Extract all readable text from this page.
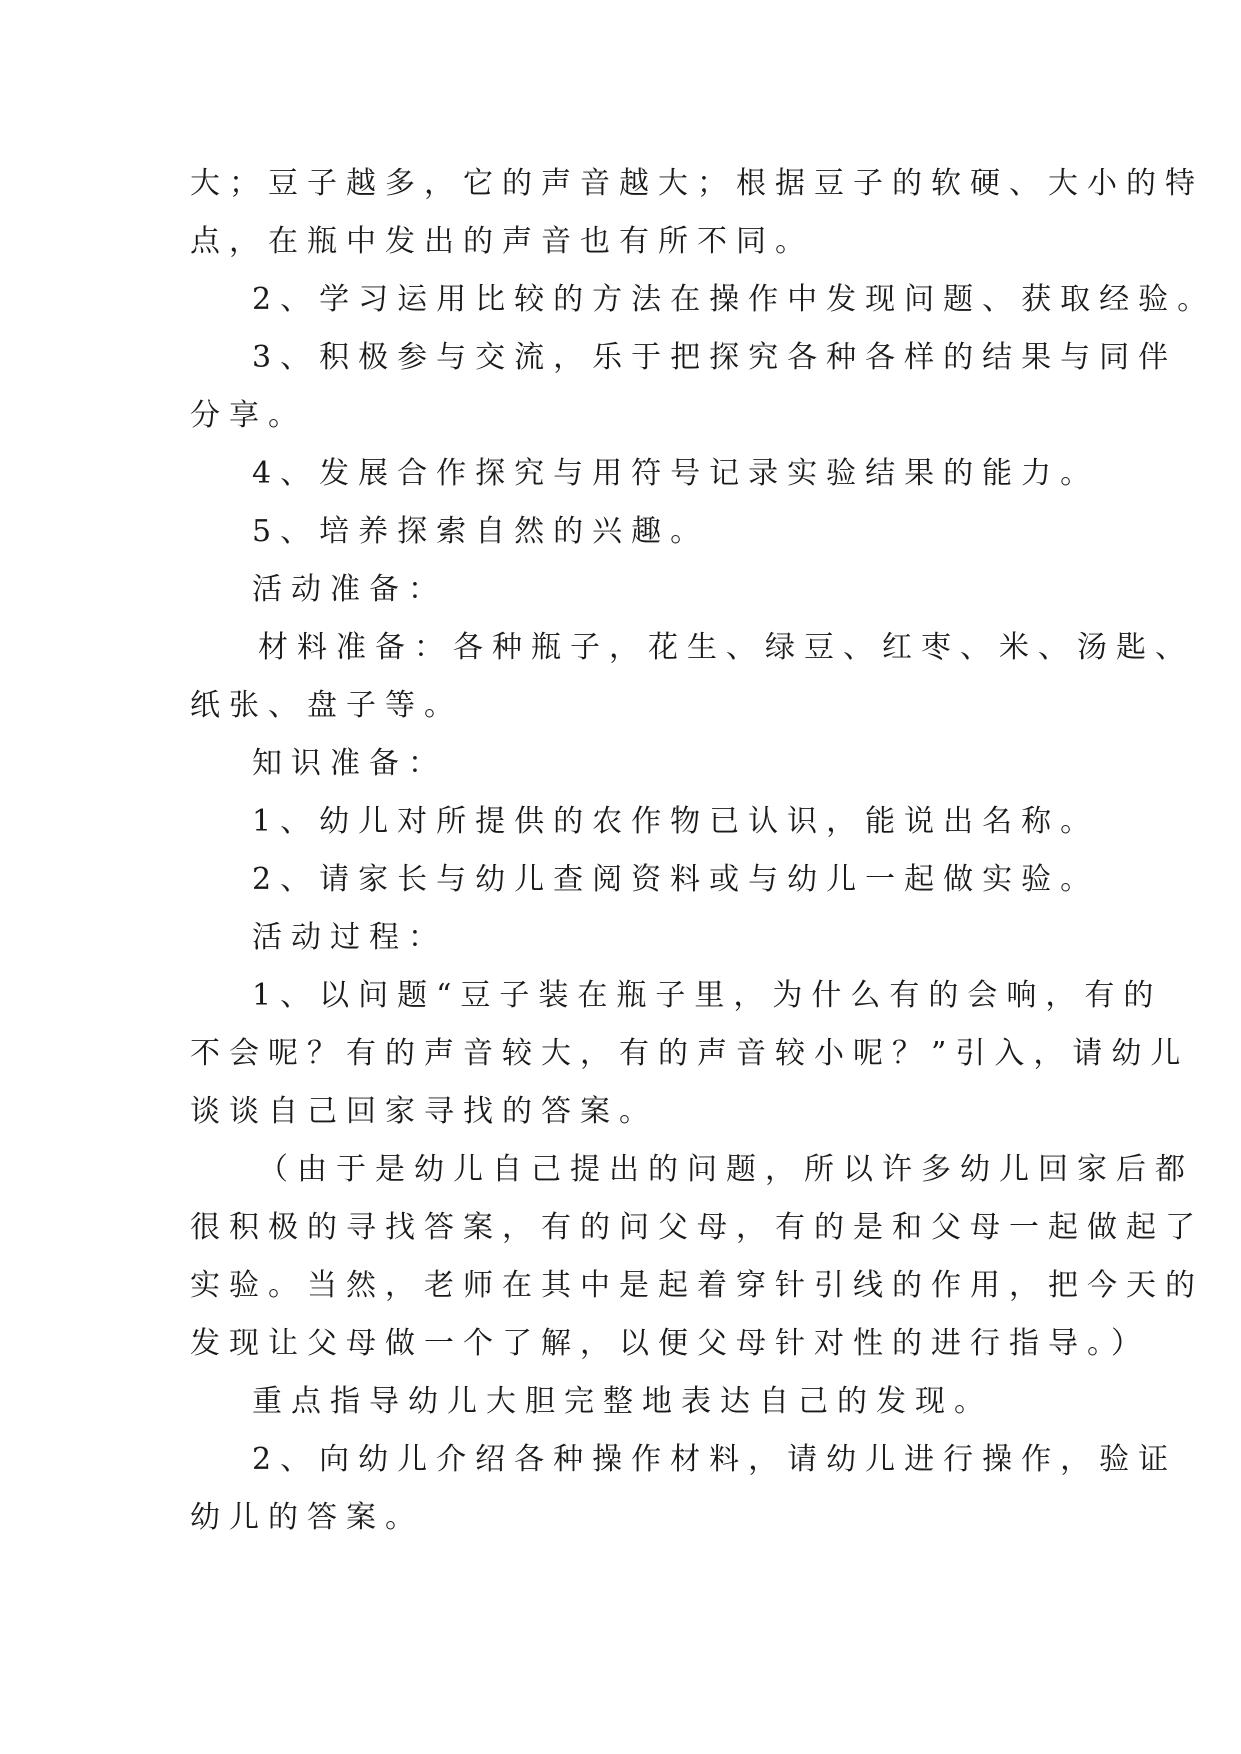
大；豆子越多，它的声音越大；根据豆子的软硬、大小的特

点，在瓶中发出的声音也有所不同。

2、学习运用比较的方法在操作中发现问题、获取经验。

3、积极参与交流，乐于把探究各种各样的结果与同伴

分享。

4、发展合作探究与用符号记录实验结果的能力。

5、培养探索自然的兴趣。

活动准备：

材料准备：各种瓶子，花生、绿豆、红枣、米、汤匙、

纸张、盘子等。

知识准备：

1、幼儿对所提供的农作物已认识，能说出名称。

2、请家长与幼儿查阅资料或与幼儿一起做实验。

活动过程：

1、以问题“豆子装在瓶子里，为什么有的会响，有的

不会呢？有的声音较大，有的声音较小呢？”引入，请幼儿

谈谈自己回家寻找的答案。

（由于是幼儿自己提出的问题，所以许多幼儿回家后都

很积极的寻找答案，有的问父母，有的是和父母一起做起了

实验。当然，老师在其中是起着穿针引线的作用，把今天的

发现让父母做一个了解，以便父母针对性的进行指导。）

重点指导幼儿大胆完整地表达自己的发现。

2、向幼儿介绍各种操作材料，请幼儿进行操作，验证

幼儿的答案。
